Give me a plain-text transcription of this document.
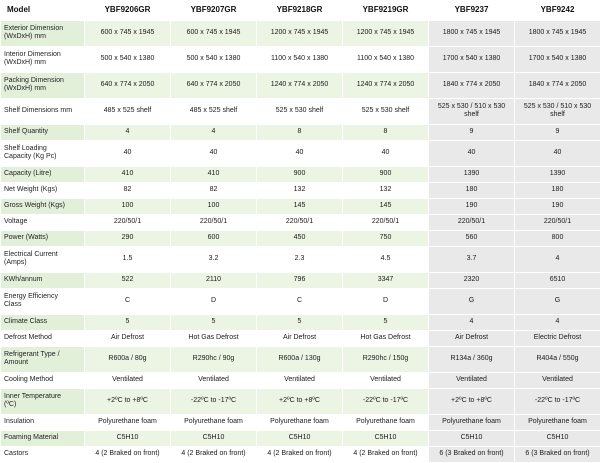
Model	YBF9206GR	YBF9207GR	YBF9218GR	YBF9219GR	YBF9237	YBF9242

Exterior Dimension
(WxDxH) mm	600 x 745 x 1945	600 x 745 x 1945	1200 x 745 x 1945	1200 x 745 x 1945	1800 x 745 x 1945	1800 x 745 x 1945

Interior Dimension
(WxDxH) mm	500 x 540 x 1380	500 x 540 x 1380	1100 x 540 x 1380	1100 x 540 x 1380	1700 x 540 x 1380	1700 x 540 x 1380

Packing Dimension
(WxDxH) mm	640 x 774 x 2050	640 x 774 x 2050	1240 x 774 x 2050	1240 x 774 x 2050	1840 x 774 x 2050	1840 x 774 x 2050

Shelf Dimensions mm	485 x 525 shelf	485 x 525 shelf	525 x 530 shelf	525 x 530 shelf	525 x 530 / 510 x 530 shelf	525 x 530 / 510 x 530 shelf

Shelf Quantity	4	4	8	8	9	9

Shelf Loading
Capacity (Kg Pc)	40	40	40	40	40	40

Capacity (Litre)	410	410	900	900	1390	1390

Net Weight (Kgs)	82	82	132	132	180	180

Gross Weight (Kgs)	100	100	145	145	190	190

Voltage	220/50/1	220/50/1	220/50/1	220/50/1	220/50/1	220/50/1

Power (Watts)	290	600	450	750	560	800

Electrical Current
(Amps)	1.5	3.2	2.3	4.5	3.7	4

KWh/annum	522	2110	796	3347	2320	6510

Energy Efficiency
Class	C	D	C	D	G	G

Climate Class	5	5	5	5	4	4

Defrost Method	Air Defrost	Hot Gas Defrost	Air Defrost	Hot Gas Defrost	Air Defrost	Electric Defrost

Refrigerant Type /
Amount	R600a / 80g	R290hc / 90g	R600a / 130g	R290hc / 150g	R134a / 360g	R404a / 550g

Cooling Method	Ventilated	Ventilated	Ventilated	Ventilated	Ventilated	Ventilated

Inner Temperature
(ºC)	+2ºC to +8ºC	-22ºC to -17ºC	+2ºC to +8ºC	-22ºC to -17ºC	+2ºC to +8ºC	-22ºC to -17ºC

Insulation	Polyurethane foam	Polyurethane foam	Polyurethane foam	Polyurethane foam	Polyurethane foam	Polyurethane foam

Foaming Material	C5H10	C5H10	C5H10	C5H10	C5H10	C5H10

Castors	4 (2 Braked on front)	4 (2 Braked on front)	4 (2 Braked on front)	4 (2 Braked on front)	6 (3 Braked on front)	6 (3 Braked on front)
